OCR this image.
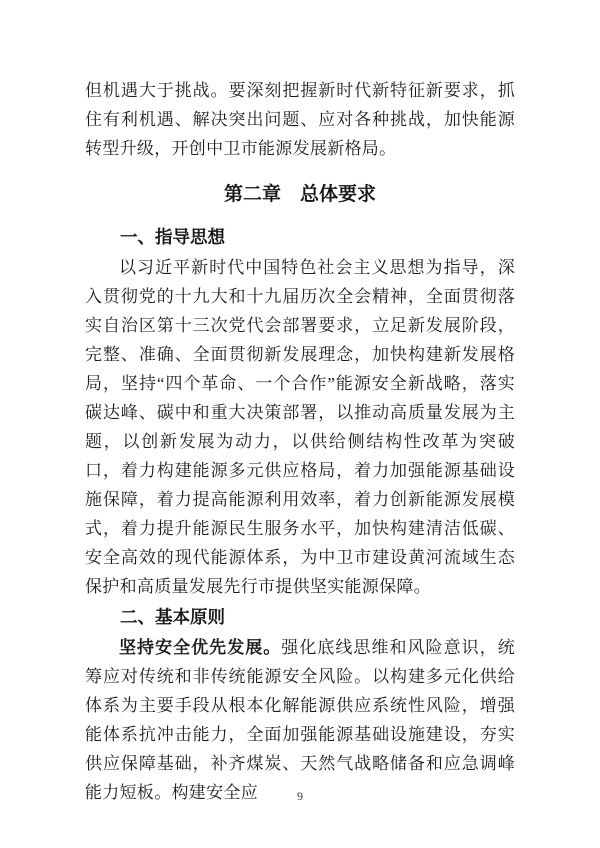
但机遇大于挑战。要深刻把握新时代新特征新要求，抓住有利机遇、解决突出问题、应对各种挑战，加快能源转型升级，开创中卫市能源发展新格局。

第二章　总体要求
一、指导思想

以习近平新时代中国特色社会主义思想为指导，深入贯彻党的十九大和十九届历次全会精神，全面贯彻落实自治区第十三次党代会部署要求，立足新发展阶段，完整、准确、全面贯彻新发展理念，加快构建新发展格局，坚持“四个革命、一个合作”能源安全新战略，落实碳达峰、碳中和重大决策部署，以推动高质量发展为主题，以创新发展为动力，以供给侧结构性改革为突破口，着力构建能源多元供应格局，着力加强能源基础设施保障，着力提高能源利用效率，着力创新能源发展模式，着力提升能源民生服务水平，加快构建清洁低碳、安全高效的现代能源体系，为中卫市建设黄河流域生态保护和高质量发展先行市提供坚实能源保障。

二、基本原则

坚持安全优先发展。强化底线思维和风险意识，统筹应对传统和非传统能源安全风险。以构建多元化供给体系为主要手段从根本化解能源供应系统性风险，增强能体系抗冲击能力，全面加强能源基础设施建设，夯实供应保障基础，补齐煤炭、天然气战略储备和应急调峰能力短板。构建安全应	9
